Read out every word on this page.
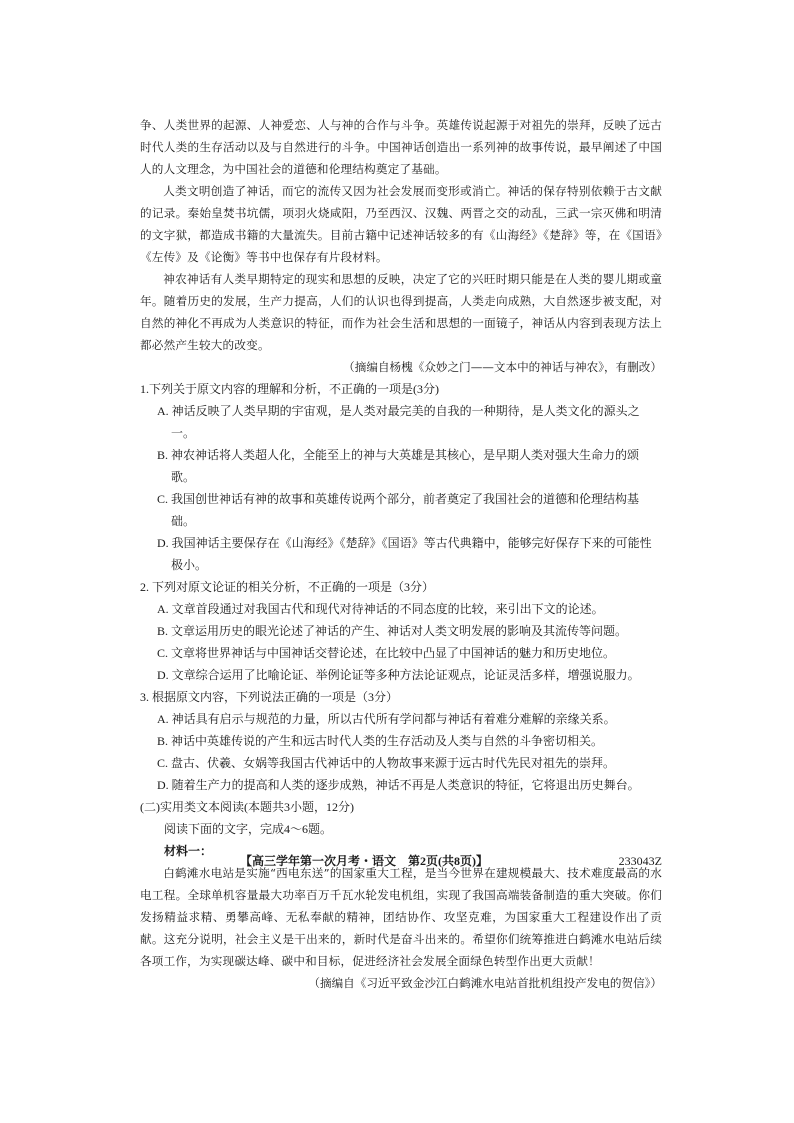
争、人类世界的起源、人神爱恋、人与神的合作与斗争。英雄传说起源于对祖先的崇拜，反映了远古时代人类的生存活动以及与自然进行的斗争。中国神话创造出一系列神的故事传说，最早阐述了中国人的人文理念，为中国社会的道德和伦理结构奠定了基础。

人类文明创造了神话，而它的流传又因为社会发展而变形或消亡。神话的保存特别依赖于古文献的记录。秦始皇焚书坑儒，项羽火烧咸阳，乃至西汉、汉魏、两晋之交的动乱，三武一宗灭佛和明清的文字狱，都造成书籍的大量流失。目前古籍中记述神话较多的有《山海经》《楚辞》等，在《国语》《左传》及《论衡》等书中也保存有片段材料。

神农神话有人类早期特定的现实和思想的反映，决定了它的兴旺时期只能是在人类的婴儿期或童年。随着历史的发展，生产力提高，人们的认识也得到提高，人类走向成熟，大自然逐步被支配，对自然的神化不再成为人类意识的特征，而作为社会生活和思想的一面镜子，神话从内容到表现方法上都必然产生较大的改变。

（摘编自杨槐《众妙之门——文本中的神话与神农》，有删改）

1.下列关于原文内容的理解和分析，不正确的一项是(3分)

A. 神话反映了人类早期的宇宙观，是人类对最完美的自我的一种期待，是人类文化的源头之一。

B. 神农神话将人类超人化，全能至上的神与大英雄是其核心，是早期人类对强大生命力的颂歌。

C. 我国创世神话有神的故事和英雄传说两个部分，前者奠定了我国社会的道德和伦理结构基础。

D. 我国神话主要保存在《山海经》《楚辞》《国语》等古代典籍中，能够完好保存下来的可能性极小。

2. 下列对原文论证的相关分析，不正确的一项是（3分）

A. 文章首段通过对我国古代和现代对待神话的不同态度的比较，来引出下文的论述。

B. 文章运用历史的眼光论述了神话的产生、神话对人类文明发展的影响及其流传等问题。

C. 文章将世界神话与中国神话交替论述，在比较中凸显了中国神话的魅力和历史地位。

D. 文章综合运用了比喻论证、举例论证等多种方法论证观点，论证灵活多样，增强说服力。

3. 根据原文内容，下列说法正确的一项是（3分）

A. 神话具有启示与规范的力量，所以古代所有学问都与神话有着难分难解的亲缘关系。

B. 神话中英雄传说的产生和远古时代人类的生存活动及人类与自然的斗争密切相关。

C. 盘古、伏羲、女娲等我国古代神话中的人物故事来源于远古时代先民对祖先的崇拜。

D. 随着生产力的提高和人类的逐步成熟，神话不再是人类意识的特征，它将退出历史舞台。

(二)实用类文本阅读(本题共3小题，12分)

阅读下面的文字，完成4～6题。

材料一：

白鹤滩水电站是实施“西电东送”的国家重大工程，是当今世界在建规模最大、技术难度最高的水电工程。全球单机容量最大功率百万千瓦水轮发电机组，实现了我国高端装备制造的重大突破。你们发扬精益求精、勇攀高峰、无私奉献的精神，团结协作、攻坚克难，为国家重大工程建设作出了贡献。这充分说明，社会主义是干出来的，新时代是奋斗出来的。希望你们统筹推进白鹤滩水电站后续各项工作，为实现碳达峰、碳中和目标，促进经济社会发展全面绿色转型作出更大贡献！

（摘编自《习近平致金沙江白鹤滩水电站首批机组投产发电的贺信》）

【高三学年第一次月考・语文　第2页(共8页)】	233043Z
